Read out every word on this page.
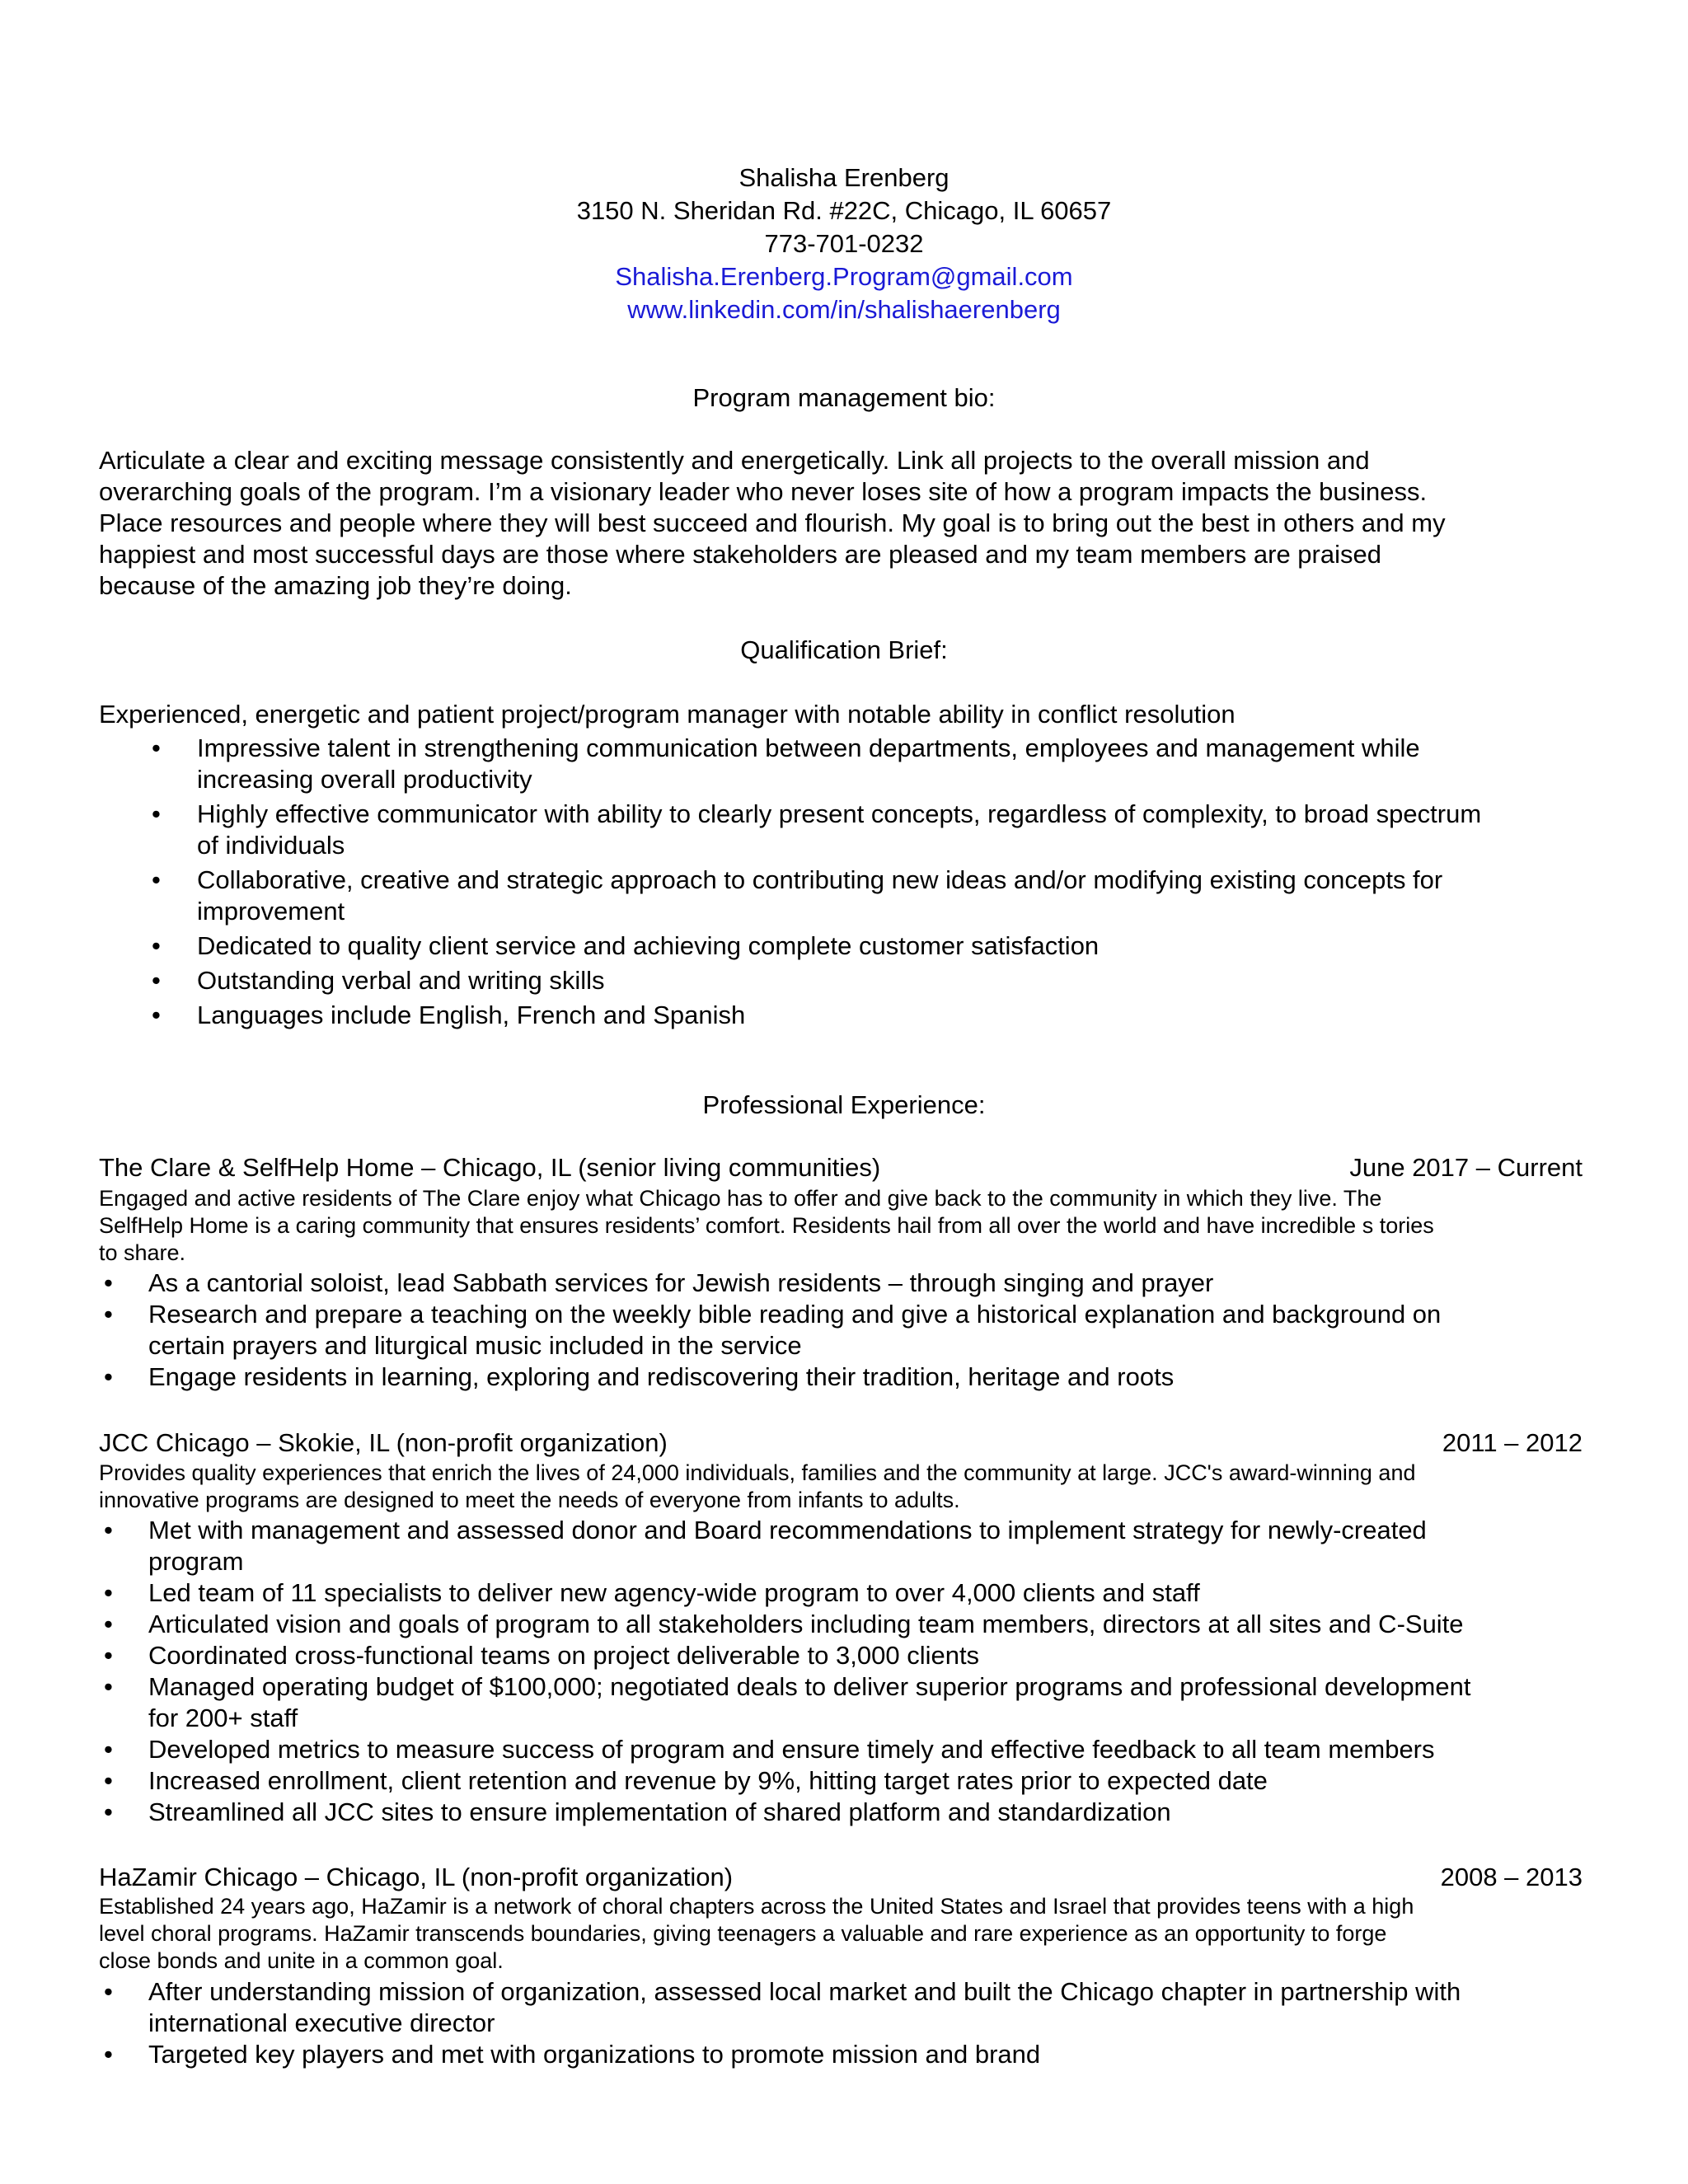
Shalisha Erenberg
3150 N. Sheridan Rd. #22C, Chicago, IL 60657
773-701-0232
Shalisha.Erenberg.Program@gmail.com
www.linkedin.com/in/shalishaerenberg
Program management bio:

Articulate a clear and exciting message consistently and energetically. Link all projects to the overall mission and

overarching goals of the program. I’m a visionary leader who never loses site of how a program impacts the business.

Place resources and people where they will best succeed and flourish. My goal is to bring out the best in others and my

happiest and most successful days are those where stakeholders are pleased and my team members are praised

because of the amazing job they’re doing.

Qualification Brief:
Experienced, energetic and patient project/program manager with notable ability in conflict resolution
• Impressive talent in strengthening communication between departments, employees and management while
increasing overall productivity
• Highly effective communicator with ability to clearly present concepts, regardless of complexity, to broad spectrum
of individuals
• Collaborative, creative and strategic approach to contributing new ideas and/or modifying existing concepts for
improvement
• Dedicated to quality client service and achieving complete customer satisfaction
• Outstanding verbal and writing skills
• Languages include English, French and Spanish
Professional Experience:
The Clare & SelfHelp Home – Chicago, IL (senior living communities)	June 2017 – Current

Engaged and active residents of The Clare enjoy what Chicago has to offer and give back to the community in which they live. The

SelfHelp Home is a caring community that ensures residents’ comfort. Residents hail from all over the world and have incredible s tories

to share.

• As a cantorial soloist, lead Sabbath services for Jewish residents – through singing and prayer
• Research and prepare a teaching on the weekly bible reading and give a historical explanation and background on
certain prayers and liturgical music included in the service
• Engage residents in learning, exploring and rediscovering their tradition, heritage and roots
JCC Chicago – Skokie, IL (non-profit organization)	2011 – 2012

Provides quality experiences that enrich the lives of 24,000 individuals, families and the community at large. JCC's award-winning and

innovative programs are designed to meet the needs of everyone from infants to adults.

• Met with management and assessed donor and Board recommendations to implement strategy for newly-created
program
• Led team of 11 specialists to deliver new agency-wide program to over 4,000 clients and staff
• Articulated vision and goals of program to all stakeholders including team members, directors at all sites and C-Suite
• Coordinated cross-functional teams on project deliverable to 3,000 clients
• Managed operating budget of $100,000; negotiated deals to deliver superior programs and professional development
for 200+ staff
• Developed metrics to measure success of program and ensure timely and effective feedback to all team members
• Increased enrollment, client retention and revenue by 9%, hitting target rates prior to expected date
• Streamlined all JCC sites to ensure implementation of shared platform and standardization
HaZamir Chicago – Chicago, IL (non-profit organization)	2008 – 2013

Established 24 years ago, HaZamir is a network of choral chapters across the United States and Israel that provides teens with a high

level choral programs. HaZamir transcends boundaries, giving teenagers a valuable and rare experience as an opportunity to forge

close bonds and unite in a common goal.

• After understanding mission of organization, assessed local market and built the Chicago chapter in partnership with
international executive director
• Targeted key players and met with organizations to promote mission and brand
